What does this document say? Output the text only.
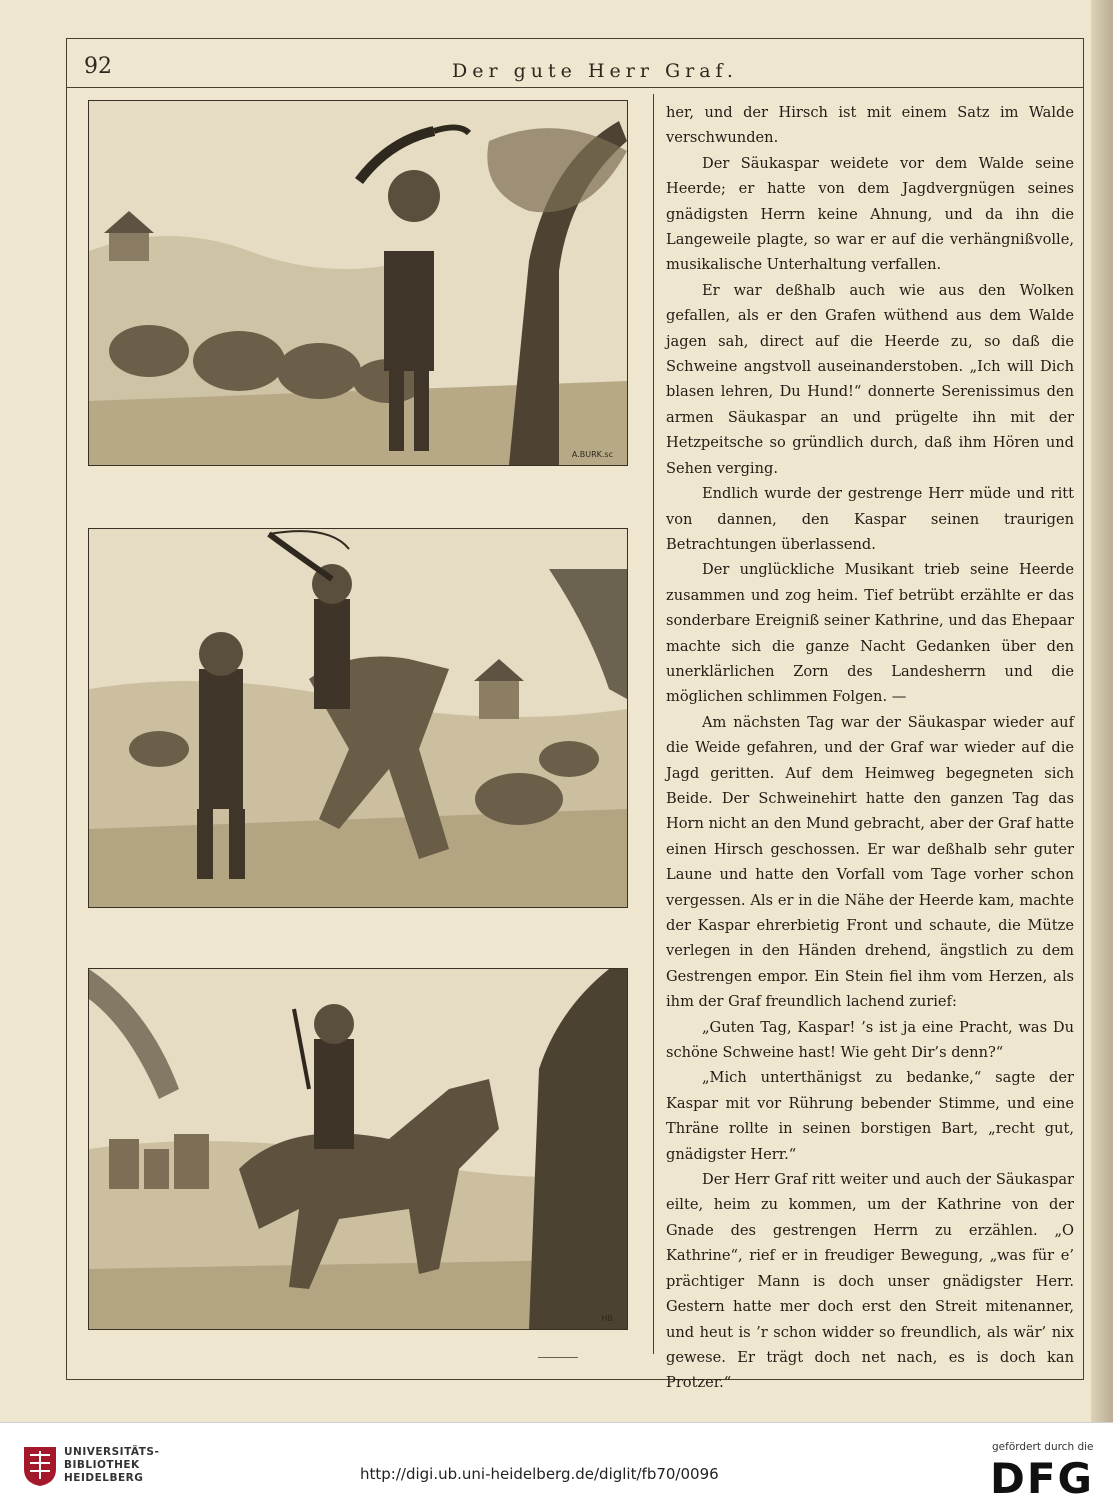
92	Der gute Herr Graf.
A.BURK.sc
HB

her, und der Hirsch ist mit einem Satz im Walde verschwunden.

Der Säukaspar weidete vor dem Walde seine Heerde; er hatte von dem Jagdvergnügen seines gnädigsten Herrn keine Ahnung, und da ihn die Langeweile plagte, so war er auf die verhängnißvolle, musikalische Unterhaltung verfallen.

Er war deßhalb auch wie aus den Wolken gefallen, als er den Grafen wüthend aus dem Walde jagen sah, direct auf die Heerde zu, so daß die Schweine angstvoll auseinanderstoben. „Ich will Dich blasen lehren, Du Hund!“ donnerte Serenissimus den armen Säukaspar an und prügelte ihn mit der Hetzpeitsche so gründlich durch, daß ihm Hören und Sehen verging.

Endlich wurde der gestrenge Herr müde und ritt von dannen, den Kaspar seinen traurigen Betrachtungen überlassend.

Der unglückliche Musikant trieb seine Heerde zusammen und zog heim. Tief betrübt erzählte er das sonderbare Ereigniß seiner Kathrine, und das Ehepaar machte sich die ganze Nacht Gedanken über den unerklärlichen Zorn des Landesherrn und die möglichen schlimmen Folgen. —

Am nächsten Tag war der Säukaspar wieder auf die Weide gefahren, und der Graf war wieder auf die Jagd geritten. Auf dem Heimweg begegneten sich Beide. Der Schweinehirt hatte den ganzen Tag das Horn nicht an den Mund gebracht, aber der Graf hatte einen Hirsch geschossen. Er war deßhalb sehr guter Laune und hatte den Vorfall vom Tage vorher schon vergessen. Als er in die Nähe der Heerde kam, machte der Kaspar ehrerbietig Front und schaute, die Mütze verlegen in den Händen drehend, ängstlich zu dem Gestrengen empor. Ein Stein fiel ihm vom Herzen, als ihm der Graf freundlich lachend zurief:

„Guten Tag, Kaspar! ’s ist ja eine Pracht, was Du schöne Schweine hast! Wie geht Dir’s denn?“

„Mich unterthänigst zu bedanke,“ sagte der Kaspar mit vor Rührung bebender Stimme, und eine Thräne rollte in seinen borstigen Bart, „recht gut, gnädigster Herr.“

Der Herr Graf ritt weiter und auch der Säukaspar eilte, heim zu kommen, um der Kathrine von der Gnade des gestrengen Herrn zu erzählen. „O Kathrine“, rief er in freudiger Bewegung, „was für e’ prächtiger Mann is doch unser gnädigster Herr. Gestern hatte mer doch erst den Streit mitenanner, und heut is ’r schon widder so freundlich, als wär’ nix gewese. Er trägt doch net nach, es is doch kan Protzer.“

UNIVERSITÄTS-
BIBLIOTHEK
HEIDELBERG	http://digi.ub.uni-heidelberg.de/diglit/fb70/0096
gefördert durch die
DFG
